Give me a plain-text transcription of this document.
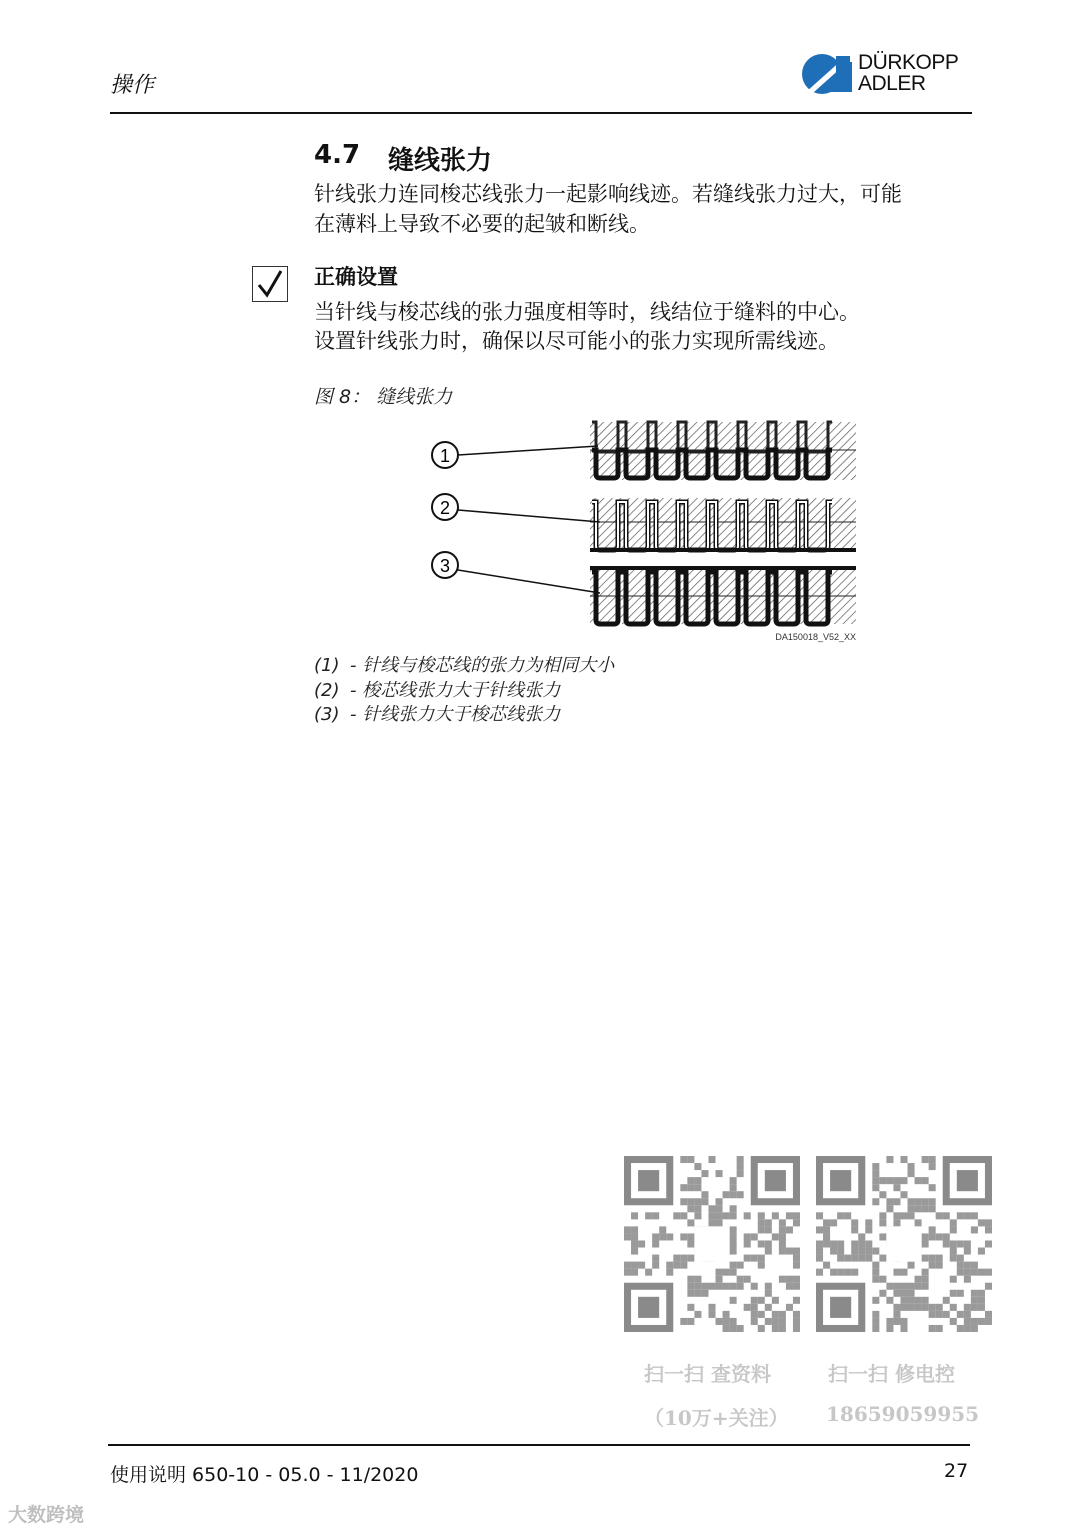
操作
DÜRKOPP
ADLER
4.7 缝线张力
针线张力连同梭芯线张力一起影响线迹。若缝线张力过大，可能
在薄料上导致不必要的起皱和断线。
正确设置
当针线与梭芯线的张力强度相等时，线结位于缝料的中心。
设置针线张力时，确保以尽可能小的张力实现所需线迹。
图 8： 缝线张力
1
2
3
DA150018_V52_XX
(1) - 针线与梭芯线的张力为相同大小
(2) - 梭芯线张力大于针线张力
(3) - 针线张力大于梭芯线张力
扫一扫 查资料
（10万+关注）
扫一扫 修电控
18659059955
使用说明 650-10 - 05.0 - 11/2020	27
大数跨境
